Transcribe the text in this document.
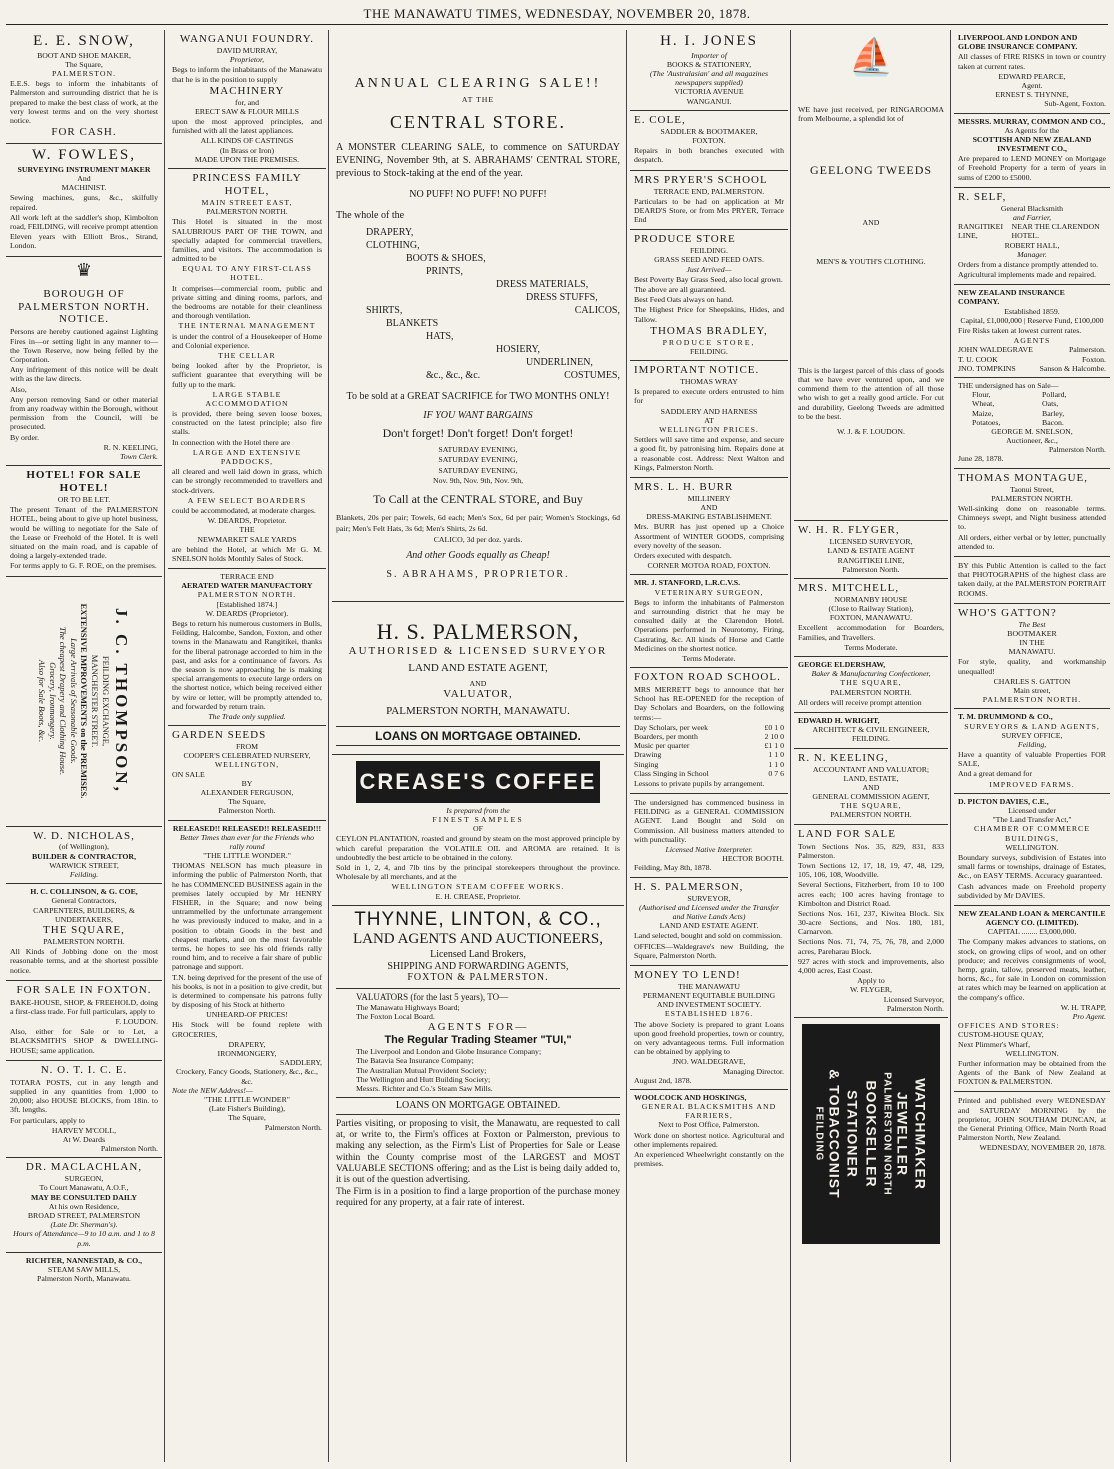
THE MANAWATU TIMES, WEDNESDAY, NOVEMBER 20, 1878.
E. E. SNOW,
BOOT AND SHOE MAKER,
The Square,
PALMERSTON.

E.E.S. begs to inform the inhabitants of Palmerston and surrounding district that he is prepared to make the best class of work, at the very lowest terms and on the very shortest notice.

FOR CASH.
W. FOWLES,
SURVEYING INSTRUMENT MAKER
And
MACHINIST.

Sewing machines, guns, &c., skilfully repaired.

All work left at the saddler's shop, Kimbolton road, FEILDING, will receive prompt attention

Eleven years with Elliott Bros., Strand, London.

♛
BOROUGH OF PALMERSTON NORTH.
NOTICE.

Persons are hereby cautioned against Lighting Fires in—or setting light in any manner to—the Town Reserve, now being felled by the Corporation.

Any infringement of this notice will be dealt with as the law directs.

Also,

Any person removing Sand or other material from any roadway within the Borough, without permission from the Council, will be prosecuted.

By order.

R. N. KEELING,
Town Clerk.
HOTEL! FOR SALE HOTEL!
OR TO BE LET.

The present Tenant of the PALMERSTON HOTEL, being about to give up hotel business, would be willing to negotiate for the Sale of the Lease or Freehold of the Hotel. It is well situated on the main road, and is capable of doing a largely-extended trade.

For terms apply to G. F. ROE, on the premises.

J. C. THOMPSON,
FEILDING EXCHANGE,
MANCHESTER STREET.
EXTENSIVE IMPROVEMENTS on the PREMISES.
Large Arrivals of Seasonable Goods.
The cheapest Drapery and Clothing House.
Grocery, Ironmongery.
Also for Sale Boots, &c.
W. D. NICHOLAS,
(of Wellington),
BUILDER & CONTRACTOR,
WARWICK STREET,
Feilding.
H. C. COLLINSON, & G. COE,
General Contractors,
CARPENTERS, BUILDERS, & UNDERTAKERS,
THE SQUARE,
PALMERSTON NORTH.

All Kinds of Jobbing done on the most reasonable terms, and at the shortest possible notice.

FOR SALE IN FOXTON.

BAKE-HOUSE, SHOP, & FREEHOLD, doing a first-class trade. For full particulars, apply to

F. LOUDON.

Also, either for Sale or to Let, a BLACKSMITH'S SHOP & DWELLING-HOUSE; same application.

N. O. T. I. C. E.

TOTARA POSTS, cut in any length and supplied in any quantities from 1,000 to 20,000; also HOUSE BLOCKS, from 18in. to 3ft. lengths.

For particulars, apply to

HARVEY M'COLL,
At W. Deards
Palmerston North.
DR. MACLACHLAN,
SURGEON,
To Court Manawatu, A.O.F.,
MAY BE CONSULTED DAILY
At his own Residence,
BROAD STREET, PALMERSTON
(Late Dr. Sherman's).
Hours of Attendance—9 to 10 a.m. and 1 to 8 p.m.
RICHTER, NANNESTAD, & CO.,
STEAM SAW MILLS,
Palmerston North, Manawatu.
WANGANUI FOUNDRY.
DAVID MURRAY,
Proprietor,

Begs to inform the inhabitants of the Manawatu that he is in the position to supply

MACHINERY
for, and
ERECT SAW & FLOUR MILLS

upon the most approved principles, and furnished with all the latest appliances.

ALL KINDS OF CASTINGS
(In Brass or Iron)
MADE UPON THE PREMISES.
PRINCESS FAMILY HOTEL,
MAIN STREET EAST,
PALMERSTON NORTH.

This Hotel is situated in the most SALUBRIOUS PART OF THE TOWN, and specially adapted for commercial travellers, families, and visitors. The accommodation is admitted to be

EQUAL TO ANY FIRST-CLASS HOTEL.

It comprises—commercial room, public and private sitting and dining rooms, parlors, and the bedrooms are notable for their cleanliness and thorough ventilation.

THE INTERNAL MANAGEMENT

is under the control of a Housekeeper of Home and Colonial experience.

THE CELLAR

being looked after by the Proprietor, is sufficient guarantee that everything will be fully up to the mark.

LARGE STABLE ACCOMMODATION

is provided, there being seven loose boxes, constructed on the latest principle; also fire stalls.

In connection with the Hotel there are

LARGE AND EXTENSIVE PADDOCKS,

all cleared and well laid down in grass, which can be strongly recommended to travellers and stock-drivers.

A FEW SELECT BOARDERS

could be accommodated, at moderate charges.

W. DEARDS, Proprietor.
THE
NEWMARKET SALE YARDS

are behind the Hotel, at which Mr G. M. SNELSON holds Monthly Sales of Stock.

TERRACE END
AERATED WATER MANUFACTORY
PALMERSTON NORTH.
[Established 1874.]
W. DEARDS (Proprietor).

Begs to return his numerous customers in Bulls, Feilding, Halcombe, Sandon, Foxton, and other towns in the Manawatu and Rangitikei, thanks for the liberal patronage accorded to him in the past, and asks for a continuance of favors. As the season is now approaching he is making special arrangements to execute large orders on the shortest notice, which being received either by wire or letter, will be promptly attended to, and forwarded by return train.

The Trade only supplied.
GARDEN SEEDS
FROM
COOPER'S CELEBRATED NURSERY,
WELLINGTON,
ON SALE
BY
ALEXANDER FERGUSON,
The Square,
Palmerston North.
RELEASED!! RELEASED!! RELEASED!!!
Better Times than ever for the Friends who rally round
"THE LITTLE WONDER."

THOMAS NELSON has much pleasure in informing the public of Palmerston North, that he has COMMENCED BUSINESS again in the premises lately occupied by Mr HENRY FISHER, in the Square; and now being untrammelled by the unfortunate arrangement he was previously induced to make, and in a position to obtain Goods in the best and cheapest markets, and on the most favorable terms, he hopes to see his old friends rally round him, and to receive a fair share of public patronage and support.

T.N. being deprived for the present of the use of his books, is not in a position to give credit, but is determined to compensate his patrons fully by disposing of his Stock at hitherto

UNHEARD-OF PRICES!

His Stock will be found replete with GROCERIES,

DRAPERY,
IRONMONGERY,
SADDLERY,
Crockery, Fancy Goods, Stationery, &c., &c., &c.
Note the NEW Address!—
"THE LITTLE WONDER"
(Late Fisher's Building),
The Square,
Palmerston North.
ANNUAL CLEARING SALE!!
AT THE
CENTRAL STORE.

A MONSTER CLEARING SALE, to commence on SATURDAY EVENING, November 9th, at S. ABRAHAMS' CENTRAL STORE, previous to Stock-taking at the end of the year.

NO PUFF! NO PUFF! NO PUFF!
The whole of the
DRAPERY,
CLOTHING,
BOOTS & SHOES,
PRINTS,
DRESS MATERIALS,
DRESS STUFFS,
SHIRTS,	CALICOS,
BLANKETS
HATS,
HOSIERY,
UNDERLINEN,
&c., &c., &c.	COSTUMES,
To be sold at a GREAT SACRIFICE for TWO MONTHS ONLY!
IF YOU WANT BARGAINS
Don't forget! Don't forget! Don't forget!
SATURDAY EVENING,
SATURDAY EVENING,
SATURDAY EVENING,
Nov. 9th, Nov. 9th, Nov. 9th,
To Call at the CENTRAL STORE, and Buy

Blankets, 20s per pair; Towels, 6d each; Men's Sox, 6d per pair; Women's Stockings, 6d pair; Men's Felt Hats, 3s 6d; Men's Shirts, 2s 6d.

CALICO, 3d per doz. yards.
And other Goods equally as Cheap!
S. ABRAHAMS, PROPRIETOR.
H. S. PALMERSON,
AUTHORISED & LICENSED SURVEYOR
LAND AND ESTATE AGENT,
AND
VALUATOR,
PALMERSTON NORTH, MANAWATU.
LOANS ON MORTGAGE OBTAINED.
CREASE'S COFFEE
Is prepared from the
FINEST SAMPLES
OF

CEYLON PLANTATION, roasted and ground by steam on the most approved principle by which careful preparation the VOLATILE OIL and AROMA are retained. It is undoubtedly the best article to be obtained in the colony.

Sold in 1, 2, 4, and 7lb tins by the principal storekeepers throughout the province. Wholesale by all merchants, and at the

WELLINGTON STEAM COFFEE WORKS.
E. H. CREASE, Proprietor.
THYNNE, LINTON, & CO.,
LAND AGENTS AND AUCTIONEERS,
Licensed Land Brokers,
SHIPPING AND FORWARDING AGENTS,
FOXTON & PALMERSTON.
VALUATORS (for the last 5 years), TO—
The Manawatu Highways Board;
The Foxton Local Board.
AGENTS FOR—
The Regular Trading Steamer "TUI,"
The Liverpool and London and Globe Insurance Company;
The Batavia Sea Insurance Company;
The Australian Mutual Provident Society;
The Wellington and Hutt Building Society;
Messrs. Richter and Co.'s Steam Saw Mills.
LOANS ON MORTGAGE OBTAINED.

Parties visiting, or proposing to visit, the Manawatu, are requested to call at, or write to, the Firm's offices at Foxton or Palmerston, previous to making any selection, as the Firm's List of Properties for Sale or Lease within the County comprise most of the LARGEST and MOST VALUABLE SECTIONS offering; and as the List is being daily added to, it is out of the question advertising.

The Firm is in a position to find a large proportion of the purchase money required for any property, at a fair rate of interest.

H. I. JONES
Importer of
BOOKS & STATIONERY,
(The 'Australasian' and all magazines newspapers supplied)
VICTORIA AVENUE
WANGANUI.
E. COLE,
SADDLER & BOOTMAKER,
FOXTON.

Repairs in both branches executed with despatch.

MRS PRYER'S SCHOOL
TERRACE END, PALMERSTON.

Particulars to be had on application at Mr DEARD'S Store, or from Mrs PRYER, Terrace End

PRODUCE STORE
FEILDING.
GRASS SEED AND FEED OATS.
Just Arrived—

Best Poverty Bay Grass Seed, also local grown.

The above are all guaranteed.

Best Feed Oats always on hand.

The Highest Price for Sheepskins, Hides, and Tallow.

THOMAS BRADLEY,
PRODUCE STORE,
FEILDING.
IMPORTANT NOTICE.
THOMAS WRAY

Is prepared to execute orders entrusted to him for

SADDLERY AND HARNESS
AT
WELLINGTON PRICES.

Settlers will save time and expense, and secure a good fit, by patronising him. Repairs done at a reasonable cost. Address: Next Walton and Kings, Palmerston North.

MRS. L. H. BURR
MILLINERY
AND
DRESS-MAKING ESTABLISHMENT.

Mrs. BURR has just opened up a Choice Assortment of WINTER GOODS, comprising every novelty of the season.

Orders executed with despatch.

CORNER MOTOA ROAD, FOXTON.
MR. J. STANFORD, L.R.C.V.S.
VETERINARY SURGEON,

Begs to inform the inhabitants of Palmerston and surrounding district that he may be consulted daily at the Clarendon Hotel. Operations performed in Neurotomy, Firing, Castrating, &c. All kinds of Horse and Cattle Medicines on the shortest notice.

Terms Moderate.
FOXTON ROAD SCHOOL.

MRS MERRETT begs to announce that her School has RE-OPENED for the reception of Day Scholars and Boarders, on the following terms:—

Day Scholars, per week	£0 1 0
Boarders, per month	2 10 0
Music per quarter	£1 1 0
Drawing	1 1 0
Singing	1 1 0
Class Singing in School	0 7 6

Lessons to private pupils by arrangement.

The undersigned has commenced business in FEILDING as a GENERAL COMMISSION AGENT. Land Bought and Sold on Commission. All business matters attended to with punctuality.

Licensed Native Interpreter.
HECTOR BOOTH.
Feilding, May 8th, 1878.
H. S. PALMERSON,
SURVEYOR,
(Authorised and Licensed under the Transfer and Native Lands Acts)
LAND AND ESTATE AGENT.

Land selected, bought and sold on commission.

OFFICES—Waldegrave's new Building, the Square, Palmerston North.

MONEY TO LEND!
THE MANAWATU
PERMANENT EQUITABLE BUILDING AND INVESTMENT SOCIETY.
ESTABLISHED 1876.

The above Society is prepared to grant Loans upon good freehold properties, town or country, on very advantageous terms. Full information can be obtained by applying to

JNO. WALDEGRAVE,
Managing Director.
August 2nd, 1878.
WOOLCOCK AND HOSKINGS,
GENERAL BLACKSMITHS AND FARRIERS,
Next to Post Office, Palmerston.

Work done on shortest notice. Agricultural and other implements repaired.

An experienced Wheelwright constantly on the premises.

⛵

WE have just received, per RINGAROOMA from Melbourne, a splendid lot of

GEELONG TWEEDS
AND
MEN'S & YOUTH'S CLOTHING.

This is the largest parcel of this class of goods that we have ever ventured upon, and we commend them to the attention of all those who wish to get a really good article. For cut and durability, Geelong Tweeds are admitted to be the best.

W. J. & F. LOUDON.
W. H. R. FLYGER,
LICENSED SURVEYOR,
LAND & ESTATE AGENT
RANGITIKEI LINE,
Palmerston North.
MRS. MITCHELL,
NORMANBY HOUSE
(Close to Railway Station),
FOXTON, MANAWATU.

Excellent accommodation for Boarders, Families, and Travellers.

Terms Moderate.
GEORGE ELDERSHAW,
Baker & Manufacturing Confectioner,
THE SQUARE,
PALMERSTON NORTH.

All orders will receive prompt attention

EDWARD H. WRIGHT,
ARCHITECT & CIVIL ENGINEER,
FEILDING.
R. N. KEELING,
ACCOUNTANT AND VALUATOR;
LAND, ESTATE,
AND
GENERAL COMMISSION AGENT,
THE SQUARE,
PALMERSTON NORTH.
LAND FOR SALE

Town Sections Nos. 35, 829, 831, 833 Palmerston.

Town Sections 12, 17, 18, 19, 47, 48, 129, 105, 106, 108, Woodville.

Several Sections, Fitzherbert, from 10 to 100 acres each; 100 acres having frontage to Kimbolton and District Road.

Sections Nos. 161, 237, Kiwitea Block. Six 30-acre Sections, and Nos. 180, 181, Carnarvon.

Sections Nos. 71, 74, 75, 76, 78, and 2,000 acres, Pareharau Block.

927 acres with stock and improvements, also 4,000 acres, East Coast.

Apply to
W. FLYGER,
Licensed Surveyor,
Palmerston North.
WATCHMAKER
JEWELLER
PALMERSTON NORTH
BOOKSELLER
STATIONER
& TOBACCONIST
FEILDING
LIVERPOOL AND LONDON AND GLOBE INSURANCE COMPANY.

All classes of FIRE RISKS in town or country taken at current rates.

EDWARD PEARCE,
Agent.
ERNEST S. THYNNE,
Sub-Agent, Foxton.
MESSRS. MURRAY, COMMON AND CO.,
As Agents for the
SCOTTISH AND NEW ZEALAND INVESTMENT CO.,

Are prepared to LEND MONEY on Mortgage of Freehold Property for a term of years in sums of £200 to £5000.

R. SELF,
General Blacksmith
and Farrier,
RANGITIKEI LINE,
NEAR THE CLARENDON HOTEL.
ROBERT HALL,
Manager.

Orders from a distance promptly attended to.

Agricultural implements made and repaired.

NEW ZEALAND INSURANCE COMPANY.
Established 1859.
Capital, £1,000,000 | Reserve Fund, £100,000

Fire Risks taken at lowest current rates.

AGENTS
JOHN WALDEGRAVE	Palmerston.
T. U. COOK	Foxton.
JNO. TOMPKINS	Sanson & Halcombe.
THE undersigned has on Sale—
Flour,	Pollard,
Wheat,	Oats,
Maize,	Barley,
Potatoes,	Bacon.
GEORGE M. SNELSON,
Auctioneer, &c.,
Palmerston North.
June 28, 1878.
THOMAS MONTAGUE,
Taonui Street,
PALMERSTON NORTH.

Well-sinking done on reasonable terms. Chimneys swept, and Night business attended to.

All orders, either verbal or by letter, punctually attended to.

BY this Public Attention is called to the fact that PHOTOGRAPHS of the highest class are taken daily, at the PALMERSTON PORTRAIT ROOMS.

WHO'S GATTON?
The Best
BOOTMAKER
IN THE
MANAWATU.

For style, quality, and workmanship unequalled!

CHARLES S. GATTON
Main street,
PALMERSTON NORTH.
T. M. DRUMMOND & CO.,
SURVEYORS & LAND AGENTS,
SURVEY OFFICE,
Feilding,

Have a quantity of valuable Properties FOR SALE,

And a great demand for

IMPROVED FARMS.
D. PICTON DAVIES, C.E.,
Licensed under
"The Land Transfer Act,"
CHAMBER OF COMMERCE BUILDINGS,
WELLINGTON.

Boundary surveys, subdivision of Estates into small farms or townships, drainage of Estates, &c., on EASY TERMS. Accuracy guaranteed.

Cash advances made on Freehold property subdivided by Mr DAVIES.

NEW ZEALAND LOAN & MERCANTILE AGENCY CO. (LIMITED).
CAPITAL ........ £3,000,000.

The Company makes advances to stations, on stock, on growing clips of wool, and on other produce; and receives consignments of wool, hemp, grain, tallow, preserved meats, leather, horns, &c., for sale in London on commission at rates which may be learned on application at the company's office.

W. H. TRAPP,
Pro Agent.
OFFICES AND STORES:
CUSTOM-HOUSE QUAY,
Next Plimmer's Wharf,
WELLINGTON.

Further information may be obtained from the Agents of the Bank of New Zealand at FOXTON & PALMERSTON.

Printed and published every WEDNESDAY and SATURDAY MORNING by the proprietor, JOHN SOUTHAM DUNCAN, at the General Printing Office, Main North Road Palmerston North, New Zealand.

WEDNESDAY, NOVEMBER 20, 1878.
